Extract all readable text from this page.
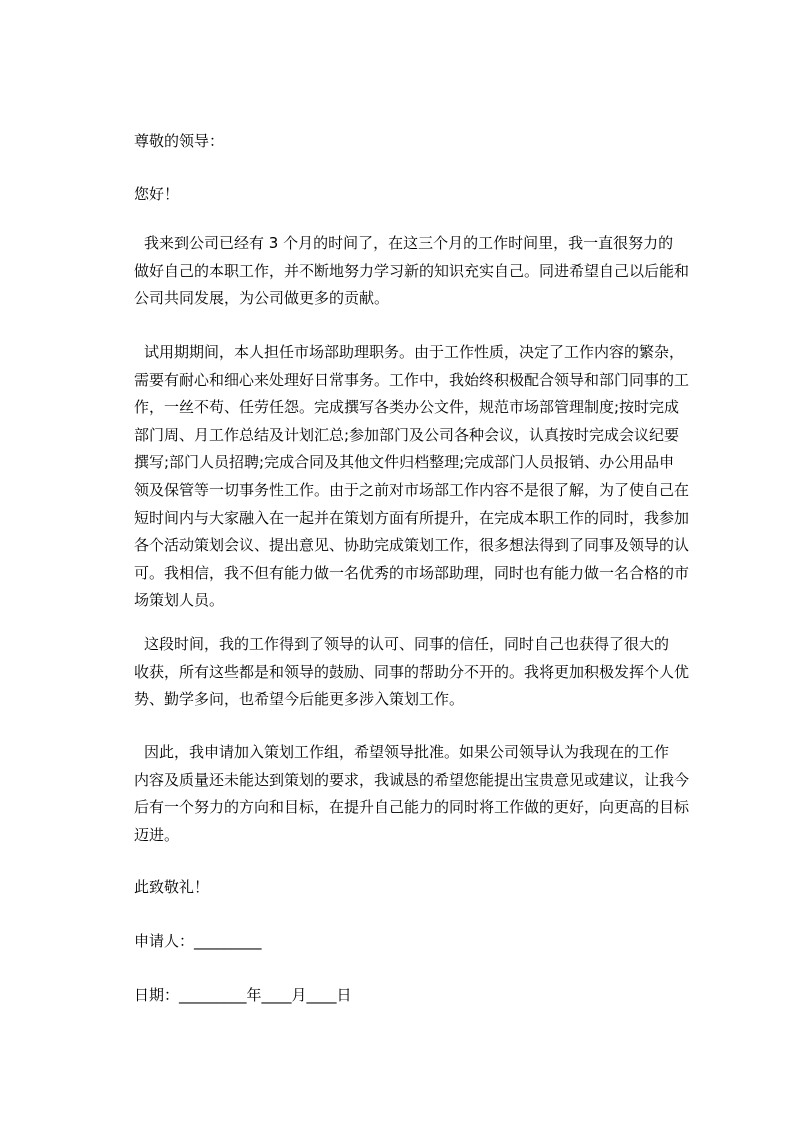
尊敬的领导：
您好！
我来到公司已经有 3 个月的时间了，在这三个月的工作时间里，我一直很努力的
做好自己的本职工作，并不断地努力学习新的知识充实自己。同进希望自己以后能和
公司共同发展，为公司做更多的贡献。
试用期期间，本人担任市场部助理职务。由于工作性质，决定了工作内容的繁杂，
需要有耐心和细心来处理好日常事务。工作中，我始终积极配合领导和部门同事的工
作，一丝不苟、任劳任怨。完成撰写各类办公文件，规范市场部管理制度;按时完成
部门周、月工作总结及计划汇总;参加部门及公司各种会议，认真按时完成会议纪要
撰写;部门人员招聘;完成合同及其他文件归档整理;完成部门人员报销、办公用品申
领及保管等一切事务性工作。由于之前对市场部工作内容不是很了解，为了使自己在
短时间内与大家融入在一起并在策划方面有所提升，在完成本职工作的同时，我参加
各个活动策划会议、提出意见、协助完成策划工作，很多想法得到了同事及领导的认
可。我相信，我不但有能力做一名优秀的市场部助理，同时也有能力做一名合格的市
场策划人员。
这段时间，我的工作得到了领导的认可、同事的信任，同时自己也获得了很大的
收获，所有这些都是和领导的鼓励、同事的帮助分不开的。我将更加积极发挥个人优
势、勤学多问，也希望今后能更多涉入策划工作。
因此，我申请加入策划工作组，希望领导批准。如果公司领导认为我现在的工作
内容及质量还未能达到策划的要求，我诚恳的希望您能提出宝贵意见或建议，让我今
后有一个努力的方向和目标，在提升自己能力的同时将工作做的更好，向更高的目标
迈进。
此致敬礼！
申请人：_________
日期：_________年____月____日
